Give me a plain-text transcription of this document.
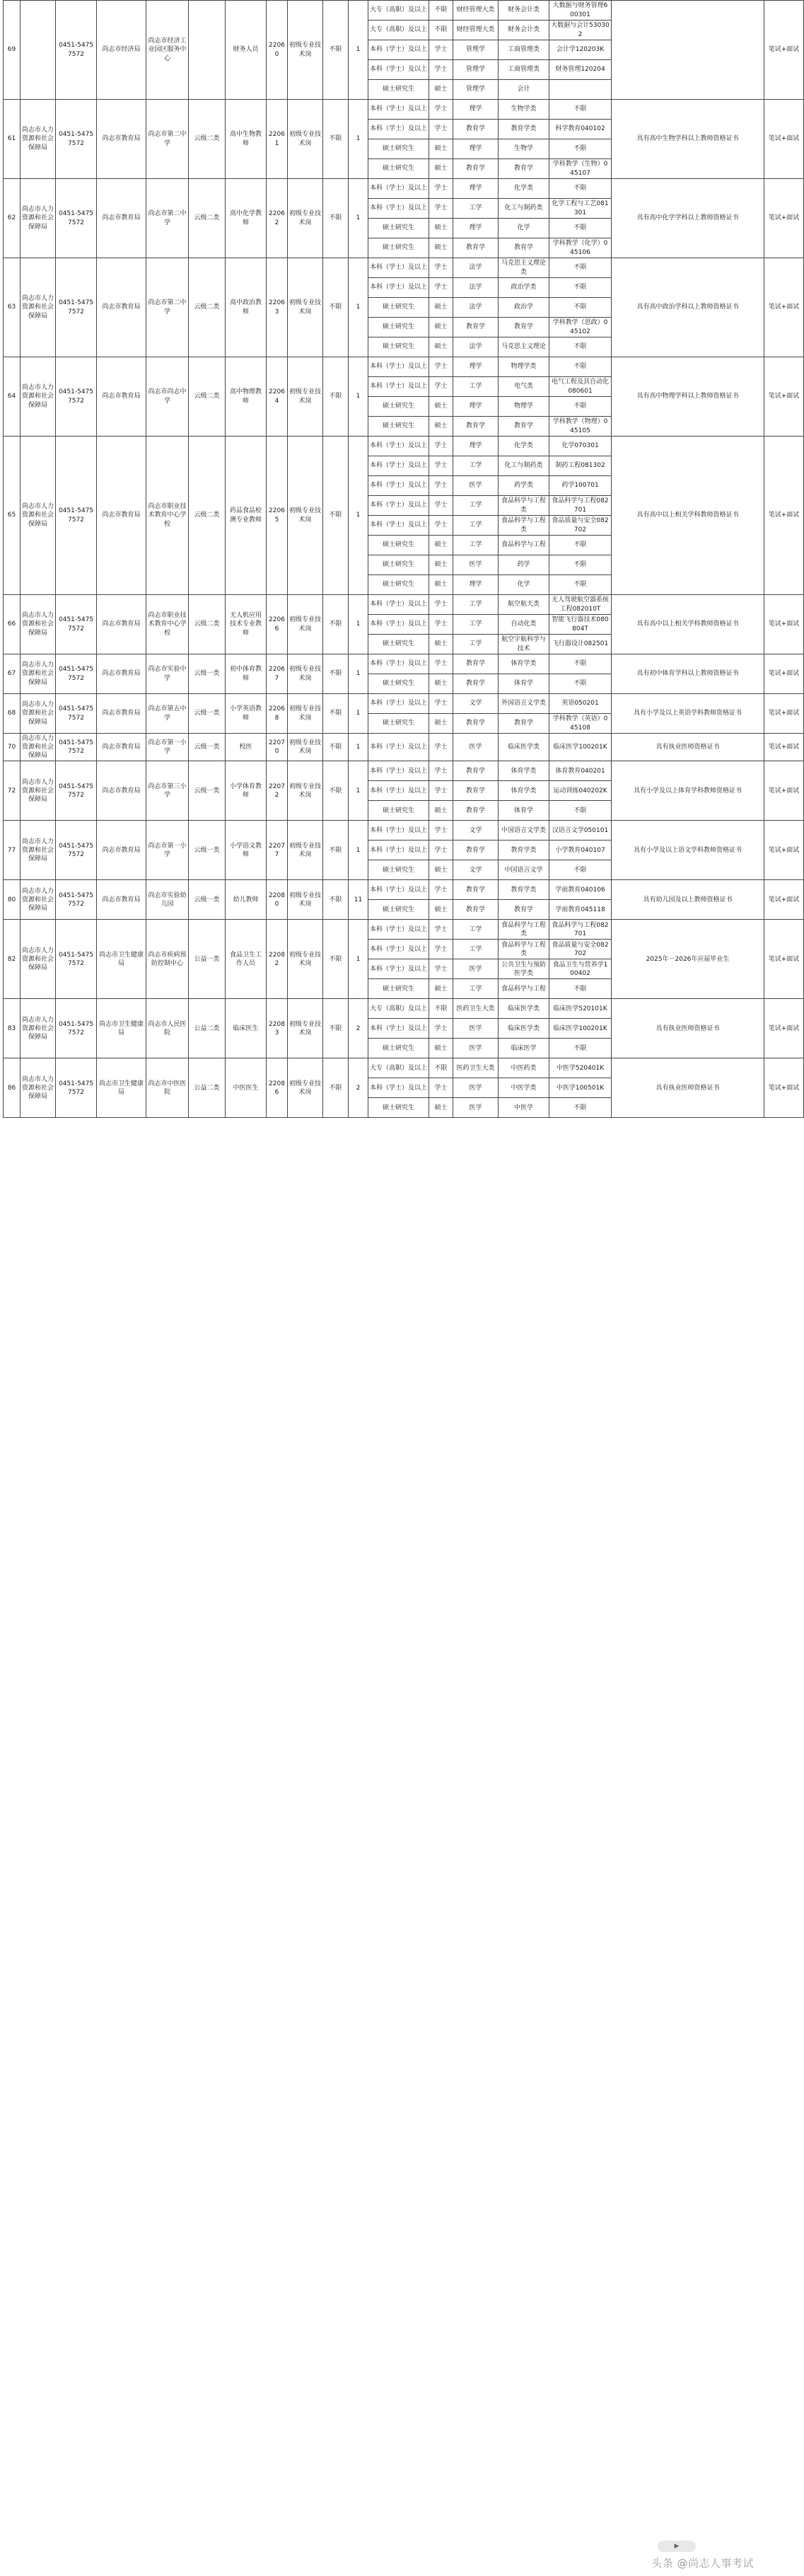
69		0451-54757572	尚志市经济局	尚志市经济工业园区服务中心		财务人员	22060	初级专业技术岗	不限	1	大专（高职）及以上	不限	财经管理大类	财务会计类	大数据与财务管理600301		笔试+面试
											大专（高职）及以上	不限	财经管理大类	财务会计类	大数据与会计530302		
											本科（学士）及以上	学士	管理学	工商管理类	会计学120203K		
											本科（学士）及以上	学士	管理学	工商管理类	财务管理120204		
											硕士研究生	硕士	管理学	会计			
61	尚志市人力资源和社会保障局	0451-54757572	尚志市教育局	尚志市第二中学	云级二类	高中生物教师	22061	初级专业技术岗	不限	1	本科（学士）及以上	学士	理学	生物学类	不限	具有高中生物学科以上教师资格证书	笔试+面试
											本科（学士）及以上	学士	教育学	教育学类	科学教育040102		
											硕士研究生	硕士	理学	生物学	不限		
											硕士研究生	硕士	教育学	教育学	学科教学（生物）045107		
62	尚志市人力资源和社会保障局	0451-54757572	尚志市教育局	尚志市第二中学	云级二类	高中化学教师	22062	初级专业技术岗	不限	1	本科（学士）及以上	学士	理学	化学类	不限	具有高中化学学科以上教师资格证书	笔试+面试
											本科（学士）及以上	学士	工学	化工与制药类	化学工程与工艺081301		
											硕士研究生	硕士	理学	化学	不限		
											硕士研究生	硕士	教育学	教育学	学科教学（化学）045106		
63	尚志市人力资源和社会保障局	0451-54757572	尚志市教育局	尚志市第二中学	云级二类	高中政治教师	22063	初级专业技术岗	不限	1	本科（学士）及以上	学士	法学	马克思主义理论类	不限	具有高中政治学科以上教师资格证书	笔试+面试
											本科（学士）及以上	学士	法学	政治学类	不限		
											硕士研究生	硕士	法学	政治学	不限		
											硕士研究生	硕士	教育学	教育学	学科教学（思政）045102		
											硕士研究生	硕士	法学	马克思主义理论	不限		
64	尚志市人力资源和社会保障局	0451-54757572	尚志市教育局	尚志市尚志中学	云级二类	高中物理教师	22064	初级专业技术岗	不限	1	本科（学士）及以上	学士	理学	物理学类	不限	具有高中物理学科以上教师资格证书	笔试+面试
											本科（学士）及以上	学士	工学	电气类	电气工程及其自动化080601		
											硕士研究生	硕士	理学	物理学	不限		
											硕士研究生	硕士	教育学	教育学	学科教学（物理）045105		
65	尚志市人力资源和社会保障局	0451-54757572	尚志市教育局	尚志市职业技术教育中心学校	云级二类	药品食品检测专业教师	22065	初级专业技术岗	不限	1	本科（学士）及以上	学士	理学	化学类	化学070301	具有高中以上相关学科教师资格证书	笔试+面试
											本科（学士）及以上	学士	工学	化工与制药类	制药工程081302		
											本科（学士）及以上	学士	医学	药学类	药学100701		
											本科（学士）及以上	学士	工学	食品科学与工程类	食品科学与工程082701		
											本科（学士）及以上	学士	工学	食品科学与工程类	食品质量与安全082702		
											硕士研究生	硕士	工学	食品科学与工程	不限		
											硕士研究生	硕士	医学	药学	不限		
											硕士研究生	硕士	理学	化学	不限		
66	尚志市人力资源和社会保障局	0451-54757572	尚志市教育局	尚志市职业技术教育中心学校	云级二类	无人机应用技术专业教师	22066	初级专业技术岗	不限	1	本科（学士）及以上	学士	工学	航空航天类	无人驾驶航空器系统工程082010T	具有高中以上相关学科教师资格证书	笔试+面试
											本科（学士）及以上	学士	工学	自动化类	智能飞行器技术080804T		
											硕士研究生	硕士	工学	航空宇航科学与技术	飞行器设计082501		
67	尚志市人力资源和社会保障局	0451-54757572	尚志市教育局	尚志市实验中学	云级一类	初中体育教师	22067	初级专业技术岗	不限	1	本科（学士）及以上	学士	教育学	体育学类	不限	具有初中体育学科以上教师资格证书	笔试+面试
											硕士研究生	硕士	教育学	体育学	不限		
68	尚志市人力资源和社会保障局	0451-54757572	尚志市教育局	尚志市第五中学	云级一类	小学英语教师	22068	初级专业技术岗	不限	1	本科（学士）及以上	学士	文学	外国语言文学类	英语050201	具有小学及以上英语学科教师资格证书	笔试+面试
											硕士研究生	硕士	教育学	教育学	学科教学（英语）045108		
70	尚志市人力资源和社会保障局	0451-54757572	尚志市教育局	尚志市第一小学	云级一类	校医	22070	初级专业技术岗	不限	1	本科（学士）及以上	学士	医学	临床医学类	临床医学100201K	具有执业医师资格证书	笔试+面试
72	尚志市人力资源和社会保障局	0451-54757572	尚志市教育局	尚志市第三小学	云级一类	小学体育教师	22072	初级专业技术岗	不限	1	本科（学士）及以上	学士	教育学	体育学类	体育教育040201	具有小学及以上体育学科教师资格证书	笔试+面试
											本科（学士）及以上	学士	教育学	体育学类	运动训练040202K		
											硕士研究生	硕士	教育学	体育学	不限		
77	尚志市人力资源和社会保障局	0451-54757572	尚志市教育局	尚志市第一小学	云级一类	小学语文教师	22077	初级专业技术岗	不限	1	本科（学士）及以上	学士	文学	中国语言文学类	汉语言文学050101	具有小学及以上语文学科教师资格证书	笔试+面试
											本科（学士）及以上	学士	教育学	教育学类	小学教育040107		
											硕士研究生	硕士	文学	中国语言文学	不限		
80	尚志市人力资源和社会保障局	0451-54757572	尚志市教育局	尚志市实验幼儿园	云级一类	幼儿教师	22080	初级专业技术岗	不限	11	本科（学士）及以上	学士	教育学	教育学类	学前教育040106	具有幼儿园及以上教师资格证书	笔试+面试
											硕士研究生	硕士	教育学	教育学	学前教育045118		
82	尚志市人力资源和社会保障局	0451-54757572	尚志市卫生健康局	尚志市疾病预防控制中心	公益一类	食品卫生工作人员	22082	初级专业技术岗	不限	1	本科（学士）及以上	学士	工学	食品科学与工程类	食品科学与工程082701	2025年－2026年应届毕业生	笔试+面试
											本科（学士）及以上	学士	工学	食品科学与工程类	食品质量与安全082702		
											本科（学士）及以上	学士	医学	公共卫生与预防医学类	食品卫生与营养学100402		
											硕士研究生	硕士	工学	食品科学与工程	不限		
83	尚志市人力资源和社会保障局	0451-54757572	尚志市卫生健康局	尚志市人民医院	公益二类	临床医生	22083	初级专业技术岗	不限	2	大专（高职）及以上	不限	医药卫生大类	临床医学类	临床医学520101K	具有执业医师资格证书	笔试+面试
											本科（学士）及以上	学士	医学	临床医学类	临床医学100201K		
											硕士研究生	硕士	医学	临床医学	不限		
86	尚志市人力资源和社会保障局	0451-54757572	尚志市卫生健康局	尚志市中医医院	公益二类	中医医生	22086	初级专业技术岗	不限	2	大专（高职）及以上	不限	医药卫生大类	中医药类	中医学520401K	具有执业医师资格证书	笔试+面试
											本科（学士）及以上	学士	医学	中医学类	中医学100501K		
											硕士研究生	硕士	医学	中医学	不限		
▶
头条 @尚志人事考试
